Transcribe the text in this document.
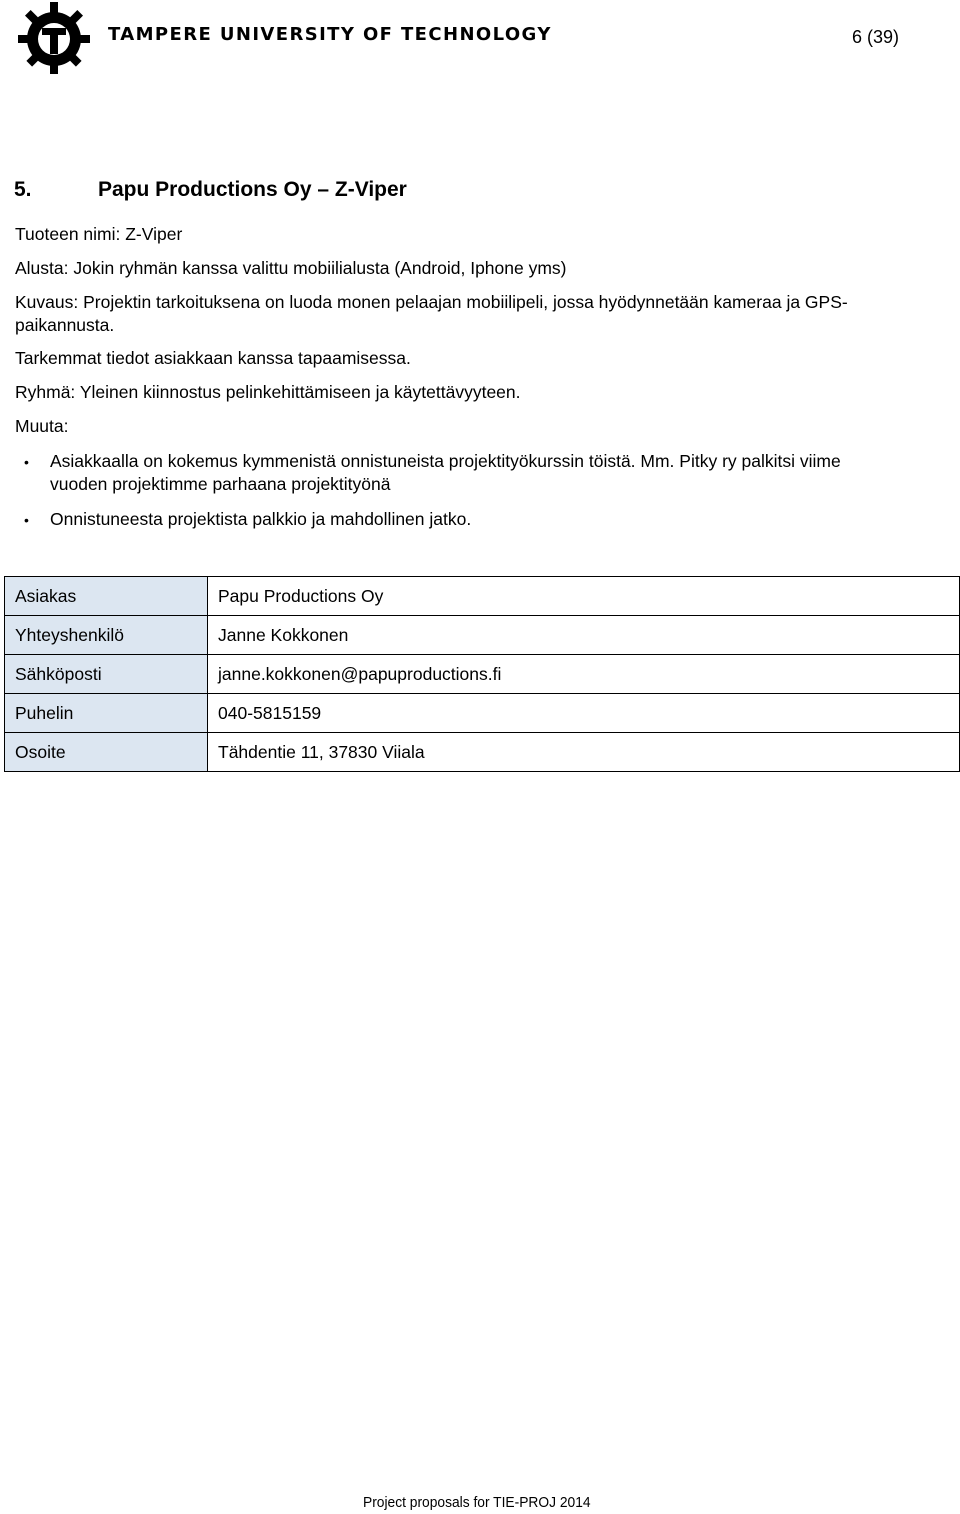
TAMPERE UNIVERSITY OF TECHNOLOGY	6 (39)
5.	Papu Productions Oy – Z-Viper
Tuoteen nimi: Z-Viper
Alusta: Jokin ryhmän kanssa valittu mobiilialusta (Android, Iphone yms)
Kuvaus: Projektin tarkoituksena on luoda monen pelaajan mobiilipeli, jossa hyödynnetään kameraa ja GPS-
paikannusta.
Tarkemmat tiedot asiakkaan kanssa tapaamisessa.
Ryhmä: Yleinen kiinnostus pelinkehittämiseen ja käytettävyyteen.
Muuta:
• Asiakkaalla on kokemus kymmenistä onnistuneista projektityökurssin töistä. Mm. Pitky ry palkitsi viime
vuoden projektimme parhaana projektityönä
• Onnistuneesta projektista palkkio ja mahdollinen jatko.
Asiakas	Papu Productions Oy
Yhteyshenkilö	Janne Kokkonen
Sähköposti	janne.kokkonen@papuproductions.fi
Puhelin	040-5815159
Osoite	Tähdentie 11, 37830 Viiala
Project proposals for TIE-PROJ 2014
